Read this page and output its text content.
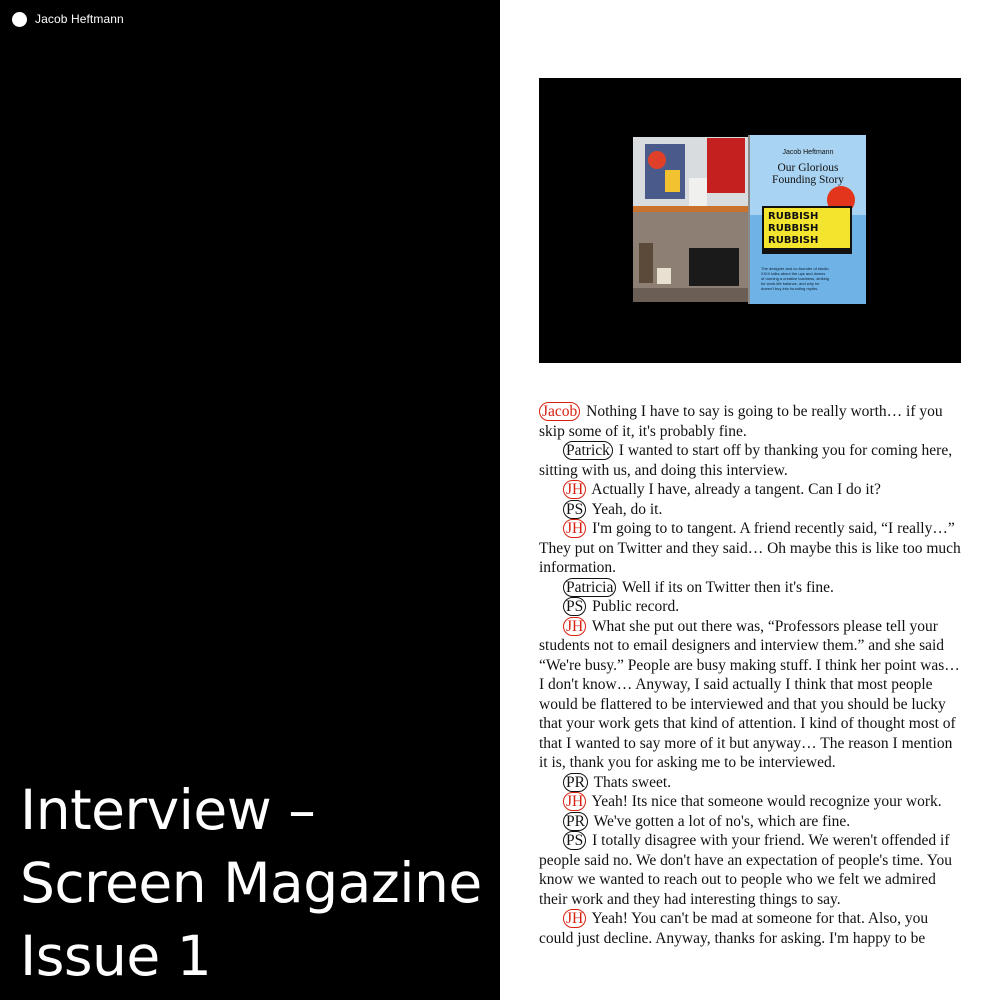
Jacob Heftmann
Interview –
Screen Magazine
Issue 1
Jacob Heftmann
Our Glorious
Founding Story
RUBBISH
RUBBISH
RUBBISH
The designer and co-founder of studio
XXIX talks about the ups and downs
of running a creative business, striking
for work-life balance, and why he
doesn't buy into founding myths.

Jacob Nothing I have to say is going to be really worth… if you skip some of it, it's probably fine.

Patrick I wanted to start off by thanking you for coming here, sitting with us, and doing this interview.

JH Actually I have, already a tangent. Can I do it?

PS Yeah, do it.

JH I'm going to to tangent. A friend recently said, “I really…” They put on Twitter and they said… Oh maybe this is like too much information.

Patricia Well if its on Twitter then it's fine.

PS Public record.

JH What she put out there was, “Professors please tell your students not to email designers and interview them.” and she said “We're busy.” People are busy making stuff. I think her point was… I don't know… Anyway, I said actually I think that most people would be flattered to be interviewed and that you should be lucky that your work gets that kind of attention. I kind of thought most of that I wanted to say more of it but anyway… The reason I mention it is, thank you for asking me to be interviewed.

PR Thats sweet.

JH Yeah! Its nice that someone would recognize your work.

PR We've gotten a lot of no's, which are fine.

PS I totally disagree with your friend. We weren't offended if people said no. We don't have an expectation of people's time. You know we wanted to reach out to people who we felt we admired their work and they had interesting things to say.

JH Yeah! You can't be mad at someone for that. Also, you could just decline. Anyway, thanks for asking. I'm happy to be
